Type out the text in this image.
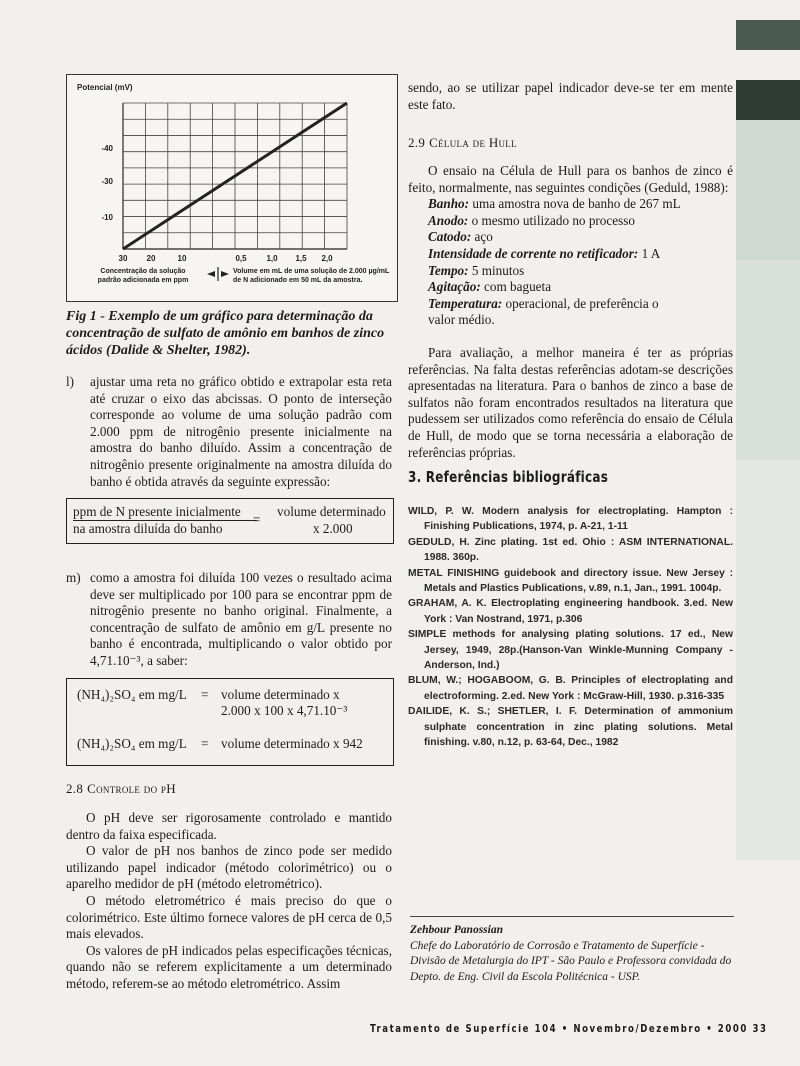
Potencial (mV)
-40
-30
-10
30 20	10	0,5 1,0 1,5 2,0
Concentração da solução
padrão adicionada em ppm
Volume em mL de uma solução de 2.000 µg/mL
de N adicionado em 50 mL da amostra.

Fig 1 - Exemplo de um gráfico para determinação da concentração de sulfato de amônio em banhos de zinco ácidos (Dalide & Shelter, 1982).

l) ajustar uma reta no gráfico obtido e extrapolar esta reta até cruzar o eixo das abcissas. O ponto de interseção corresponde ao volume de uma solução padrão com 2.000 ppm de nitrogênio presente inicialmente na amostra do banho diluído. Assim a concentração de nitrogênio presente originalmente na amostra diluída do banho é obtida através da seguinte expressão:

ppm de N presente inicialmente
na amostra diluída do banho
=
volume determinado
x 2.000
m) como a amostra foi diluída 100 vezes o resultado acima deve ser multiplicado por 100 para se encontrar ppm de nitrogênio presente no banho original. Finalmente, a concentração de sulfato de amônio em g/L presente no banho é encontrada, multiplicando o valor obtido por 4,71.10⁻³, a saber:

(NH₄)₂SO₄ em mg/L = volume determinado x
2.000 x 100 x 4,71.10⁻³
(NH₄)₂SO₄ em mg/L = volume determinado x 942
2.8 Controle do pH

O pH deve ser rigorosamente controlado e mantido dentro da faixa especificada.

O valor de pH nos banhos de zinco pode ser medido utilizando papel indicador (método colorimétrico) ou o aparelho medidor de pH (método eletrométrico).

O método eletrométrico é mais preciso do que o colorimétrico. Este último fornece valores de pH cerca de 0,5 mais elevados.

Os valores de pH indicados pelas especificações técnicas, quando não se referem explicitamente a um determinado método, referem-se ao método eletrométrico. Assim

sendo, ao se utilizar papel indicador deve-se ter em mente este fato.

2.9 Célula de Hull

O ensaio na Célula de Hull para os banhos de zinco é feito, normalmente, nas seguintes condições (Geduld, 1988):

Banho: uma amostra nova de banho de 267 mL

Anodo: o mesmo utilizado no processo

Catodo: aço

Intensidade de corrente no retificador: 1 A

Tempo: 5 minutos

Agitação: com bagueta

Temperatura: operacional, de preferência o

valor médio.

Para avaliação, a melhor maneira é ter as próprias referências. Na falta destas referências adotam-se descrições apresentadas na literatura. Para o banhos de zinco a base de sulfatos não foram encontrados resultados na literatura que pudessem ser utilizados como referência do ensaio de Célula de Hull, de modo que se torna necessária a elaboração de referências próprias.

3. Referências bibliográficas

WILD, P. W. Modern analysis for electroplating. Hampton : Finishing Publications, 1974, p. A-21, 1-11

GEDULD, H. Zinc plating. 1st ed. Ohio : ASM INTERNATIONAL. 1988. 360p.

METAL FINISHING guidebook and directory issue. New Jersey : Metals and Plastics Publications, v.89, n.1, Jan., 1991. 1004p.

GRAHAM, A. K. Electroplating engineering handbook. 3.ed. New York : Van Nostrand, 1971, p.306

SIMPLE methods for analysing plating solutions. 17 ed., New Jersey, 1949, 28p.(Hanson-Van Winkle-Munning Company - Anderson, Ind.)

BLUM, W.; HOGABOOM, G. B. Principles of electroplating and electroforming. 2.ed. New York : McGraw-Hill, 1930. p.316-335

DAILIDE, K. S.; SHETLER, I. F. Determination of ammonium sulphate concentration in zinc plating solutions. Metal finishing. v.80, n.12, p. 63-64, Dec., 1982

Zehbour Panossian
Chefe do Laboratório de Corrosão e Tratamento de Superfície - Divisão de Metalurgia do IPT - São Paulo e Professora convidada do Depto. de Eng. Civil da Escola Politécnica - USP.
Tratamento de Superfície 104 • Novembro/Dezembro • 2000 33
